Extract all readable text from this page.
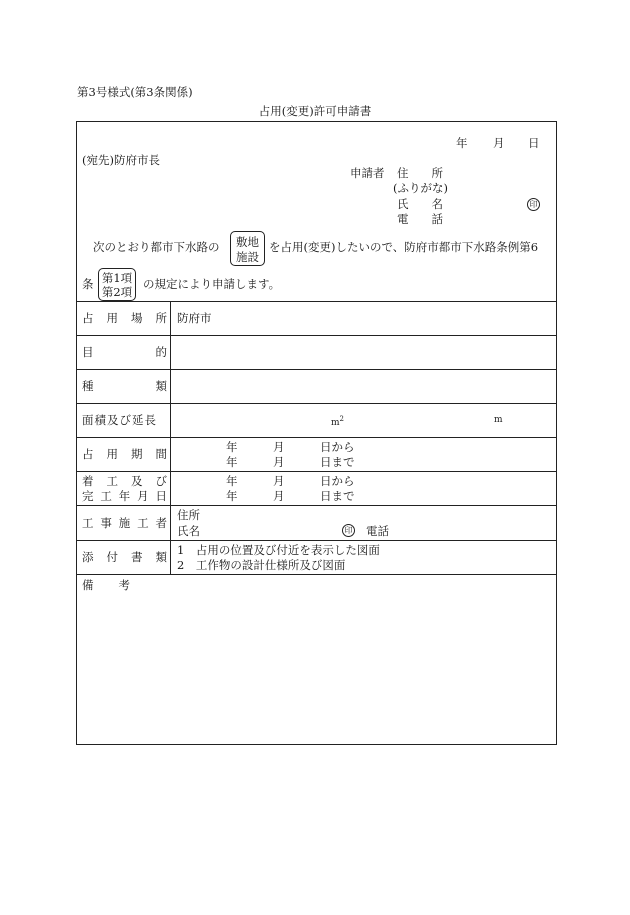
第3号様式(第3条関係)
占用(変更)許可申請書
年 月 日
(宛先)防府市長
申請者 住　　所
(ふりがな)
氏　　名	印
電　　話
次のとおり都市下水路の	敷地
施設
を占用(変更)したいので、防府市都市下水路条例第6
条 第1項
第2項
の規定により申請します。
占 用 場 所 防府市
目	的
種	類
面積及び延長	$m^2$	m
占 用 期 間	年	月	日から
年	月	日まで
着 工 及 び
完 工 年 月 日
年	月	日から
年	月	日まで
工 事 施 工 者
住所
氏名	印 電話
添 付 書 類 1　占用の位置及び付近を表示した図面
2　工作物の設計仕様所及び図面
備 考
